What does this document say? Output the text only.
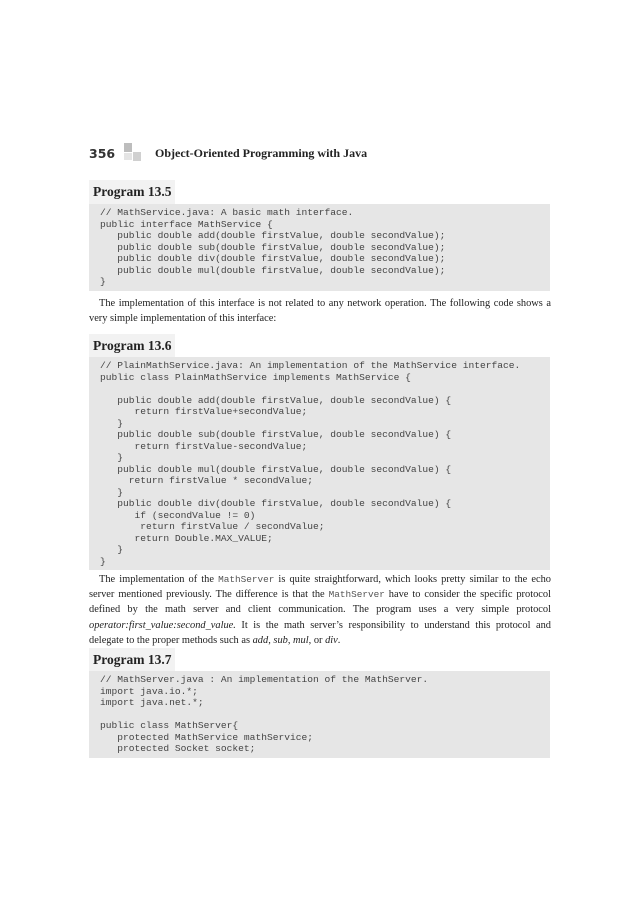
356	Object-Oriented Programming with Java
Program 13.5
// MathService.java: A basic math interface.
public interface MathService {
public double add(double firstValue, double secondValue);
public double sub(double firstValue, double secondValue);
public double div(double firstValue, double secondValue);
public double mul(double firstValue, double secondValue);
}

The implementation of this interface is not related to any network operation. The following code shows a very simple implementation of this interface:

Program 13.6
// PlainMathService.java: An implementation of the MathService interface.
public class PlainMathService implements MathService {

public double add(double firstValue, double secondValue) {
return firstValue+secondValue;
}
public double sub(double firstValue, double secondValue) {
return firstValue-secondValue;
}
public double mul(double firstValue, double secondValue) {
return firstValue * secondValue;
}
public double div(double firstValue, double secondValue) {
if (secondValue != 0)
return firstValue / secondValue;
return Double.MAX_VALUE;
}
}

The implementation of the MathServer is quite straightforward, which looks pretty similar to the echo server mentioned previously. The difference is that the MathServer have to consider the specific protocol defined by the math server and client communication. The program uses a very simple protocol operator:first_value:second_value. It is the math server’s responsibility to understand this protocol and delegate to the proper methods such as add, sub, mul, or div.

Program 13.7
// MathServer.java : An implementation of the MathServer.
import java.io.*;
import java.net.*;

public class MathServer{
protected MathService mathService;
protected Socket socket;
